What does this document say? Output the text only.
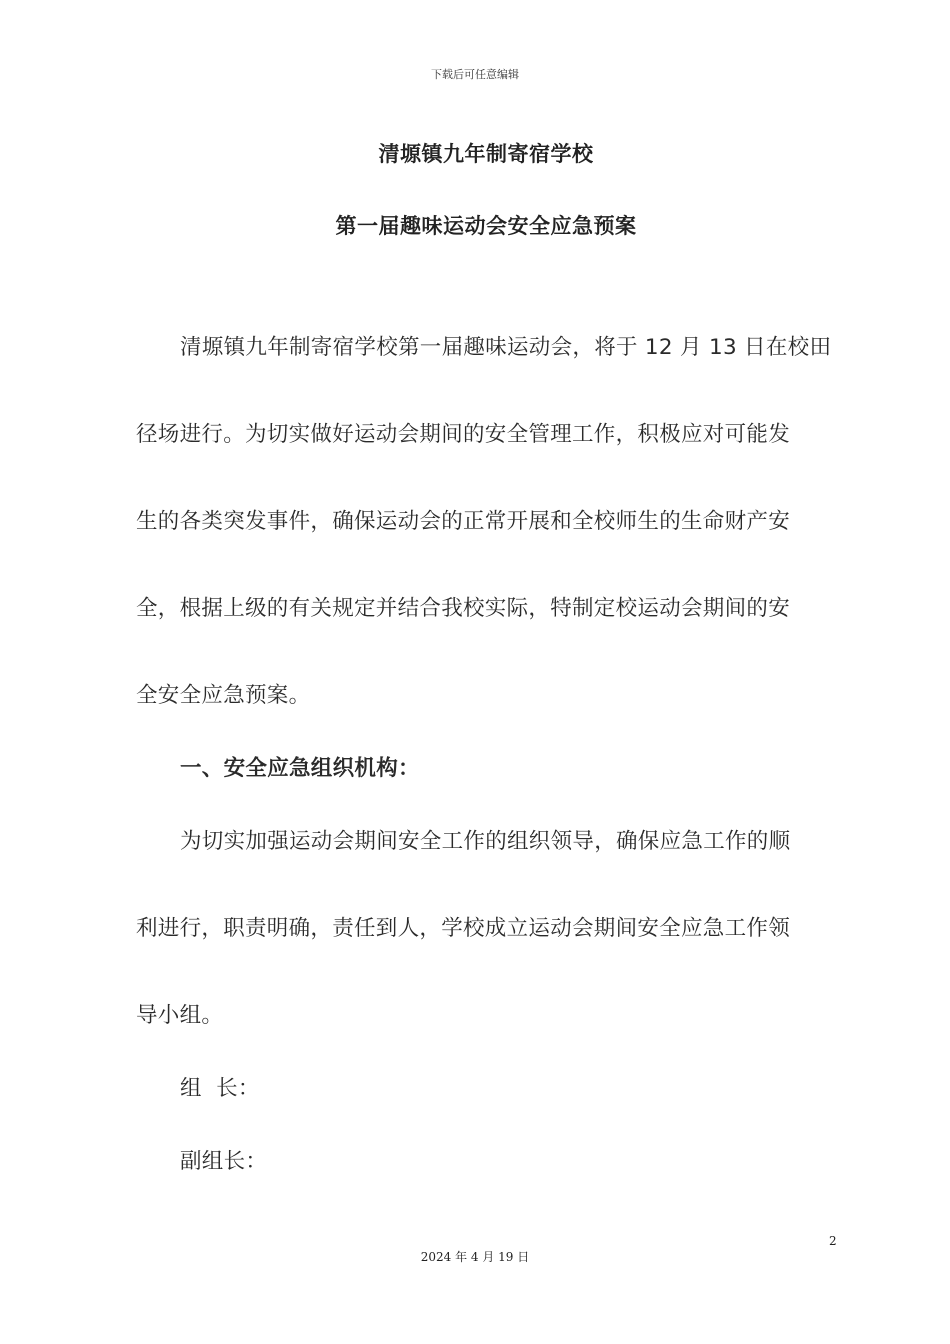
下载后可任意编辑
清塬镇九年制寄宿学校
第一届趣味运动会安全应急预案
清塬镇九年制寄宿学校第一届趣味运动会，将于 12 月 13 日在校田
径场进行。为切实做好运动会期间的安全管理工作，积极应对可能发
生的各类突发事件，确保运动会的正常开展和全校师生的生命财产安
全，根据上级的有关规定并结合我校实际，特制定校运动会期间的安
全安全应急预案。
一、安全应急组织机构：
为切实加强运动会期间安全工作的组织领导，确保应急工作的顺
利进行，职责明确，责任到人，学校成立运动会期间安全应急工作领
导小组。
组  长：
副组长：
2
2024 年 4 月 19 日
